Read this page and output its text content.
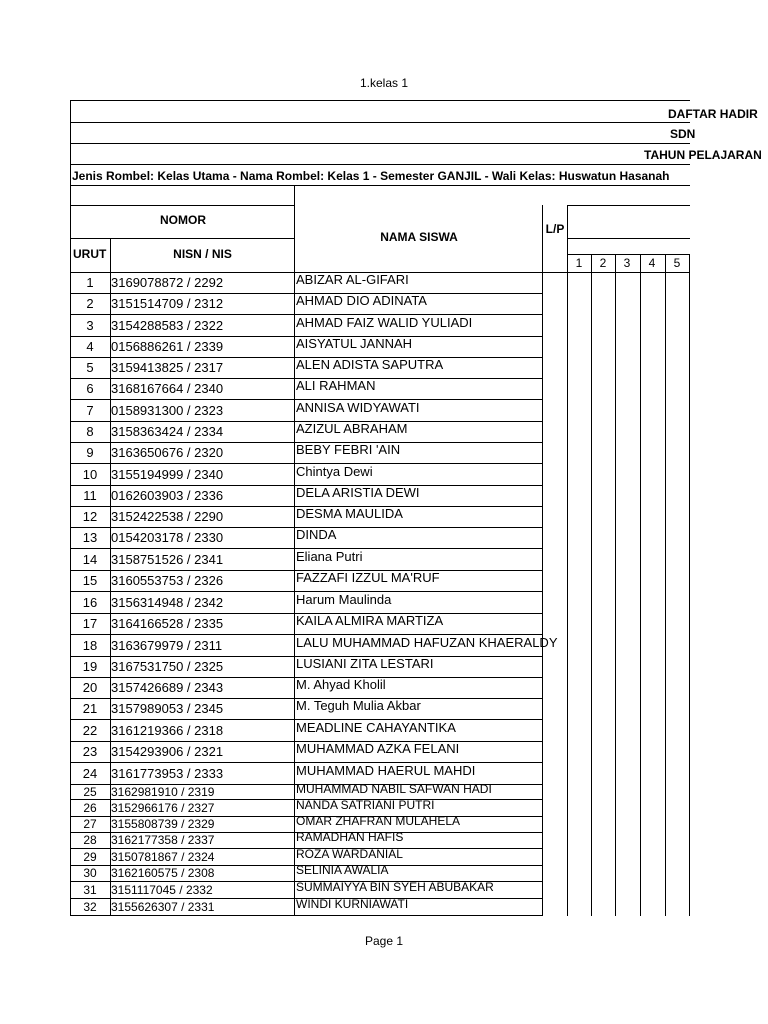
1.kelas 1
DAFTAR HADIR
SDN
TAHUN PELAJARAN
Jenis Rombel: Kelas Utama - Nama Rombel: Kelas 1 - Semester GANJIL - Wali Kelas: Huswatun Hasanah
NOMOR
URUT	NISN / NIS
NAMA SISWA
L/P
1	2	3	4	5
1	3169078872 / 2292	ABIZAR AL-GIFARI
2	3151514709 / 2312	AHMAD DIO ADINATA
3	3154288583 / 2322	AHMAD FAIZ WALID YULIADI
4	0156886261 / 2339	AISYATUL JANNAH
5	3159413825 / 2317	ALEN ADISTA SAPUTRA
6	3168167664 / 2340	ALI RAHMAN
7	0158931300 / 2323	ANNISA WIDYAWATI
8	3158363424 / 2334	AZIZUL ABRAHAM
9	3163650676 / 2320	BEBY FEBRI 'AIN
10	3155194999 / 2340	Chintya Dewi
11	0162603903 / 2336	DELA ARISTIA DEWI
12	3152422538 / 2290	DESMA MAULIDA
13	0154203178 / 2330	DINDA
14	3158751526 / 2341	Eliana Putri
15	3160553753 / 2326	FAZZAFI IZZUL MA'RUF
16	3156314948 / 2342	Harum Maulinda
17	3164166528 / 2335	KAILA ALMIRA MARTIZA
18	3163679979 / 2311	LALU MUHAMMAD HAFUZAN KHAERALDY
19	3167531750 / 2325	LUSIANI ZITA LESTARI
20	3157426689 / 2343	M. Ahyad Kholil
21	3157989053 / 2345	M. Teguh Mulia Akbar
22	3161219366 / 2318	MEADLINE CAHAYANTIKA
23	3154293906 / 2321	MUHAMMAD AZKA FELANI
24	3161773953 / 2333	MUHAMMAD HAERUL MAHDI
25	3162981910 / 2319	MUHAMMAD NABIL SAFWAN HADI
26	3152966176 / 2327	NANDA SATRIANI PUTRI
27	3155808739 / 2329	OMAR ZHAFRAN MULAHELA
28	3162177358 / 2337	RAMADHAN HAFIS
29	3150781867 / 2324	ROZA WARDANIAL
30	3162160575 / 2308	SELINIA AWALIA
31	3151117045 / 2332	SUMMAIYYA BIN SYEH ABUBAKAR
32	3155626307 / 2331	WINDI KURNIAWATI
Page 1
